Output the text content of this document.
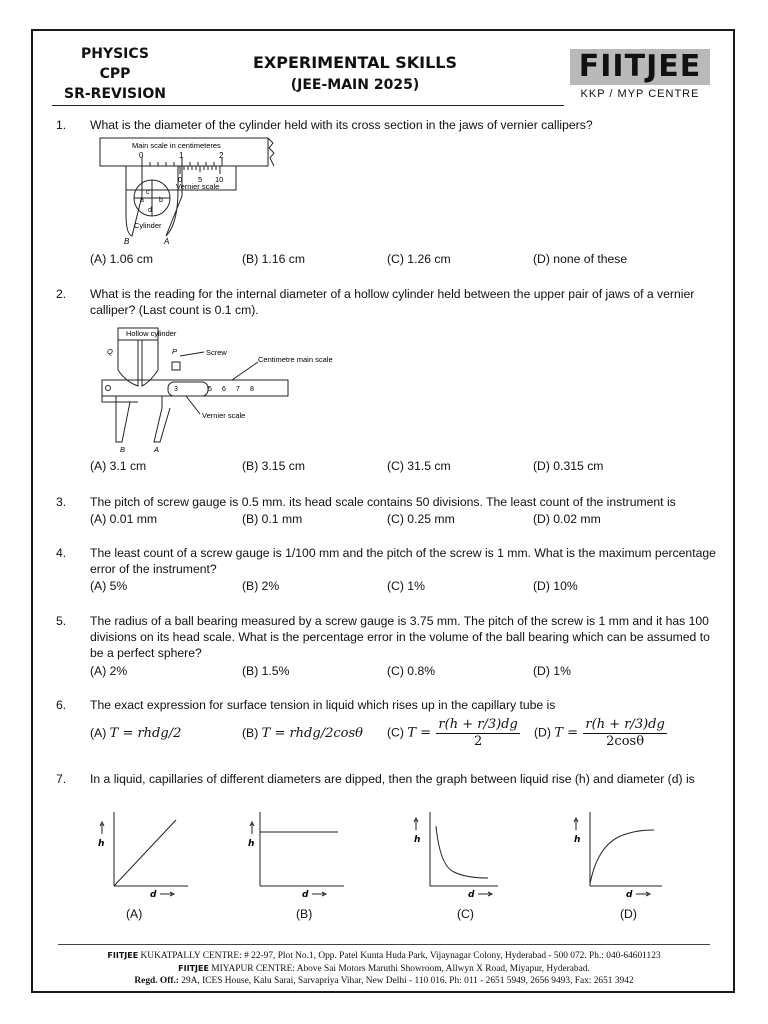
PHYSICS
CPP
SR-REVISION
EXPERIMENTAL SKILLS
(JEE-MAIN 2025)
FIITJEE
KKP / MYP CENTRE
1. What is the diameter of the cylinder held with its cross section in the jaws of vernier callipers?
Main scale in centimeteres
0	1	2
0 5 10
Vernier scale
c
a b
d
Cylinder
B	A
(A) 1.06 cm	(B) 1.16 cm	(C) 1.26 cm	(D) none of these
2. What is the reading for the internal diameter of a hollow cylinder held between the upper pair of jaws of a vernier calliper? (Last count is 0.1 cm).
Hollow cylinder
Q	P	Screw
Centimetre main scale
3	5 6 7 8
B	A
Vernier scale
(A) 3.1 cm	(B) 3.15 cm	(C) 31.5 cm	(D) 0.315 cm
3. The pitch of screw gauge is 0.5 mm. its head scale contains 50 divisions. The least count of the instrument is
(A) 0.01 mm	(B) 0.1 mm	(C) 0.25 mm	(D) 0.02 mm
4. The least count of a screw gauge is 1/100 mm and the pitch of the screw is 1 mm. What is the maximum percentage error of the instrument?
(A) 5%	(B) 2%	(C) 1%	(D) 10%
5. The radius of a ball bearing measured by a screw gauge is 3.75 mm. The pitch of the screw is 1 mm and it has 100 divisions on its head scale. What is the percentage error in the volume of the ball bearing which can be assumed to be a perfect sphere?
(A) 2%	(B) 1.5%	(C) 0.8%	(D) 1%
6. The exact expression for surface tension in liquid which rises up in the capillary tube is
(A) T = rhdg/2	(B) T = rhdg/2cosθ (C) $T = \frac{r(h + r/3)dg}{2} (D) T = \frac{r(h + r/3)dg}{2\cos\theta}$
7. In a liquid, capillaries of different diameters are dipped, then the graph between liquid rise (h) and diameter (d) is
h
d
h
d
h
d
h
d
(A)	(B)	(C)	(D)
FIITJEE KUKATPALLY CENTRE: # 22-97, Plot No.1, Opp. Patel Kunta Huda Park, Vijaynagar Colony, Hyderabad - 500 072. Ph.: 040-64601123
FIITJEE MIYAPUR CENTRE: Above Sai Motors Maruthi Showroom, Allwyn X Road, Miyapur, Hyderabad.
Regd. Off.: 29A, ICES House, Kalu Sarai, Sarvapriya Vihar, New Delhi - 110 016. Ph: 011 - 2651 5949, 2656 9493, Fax: 2651 3942
